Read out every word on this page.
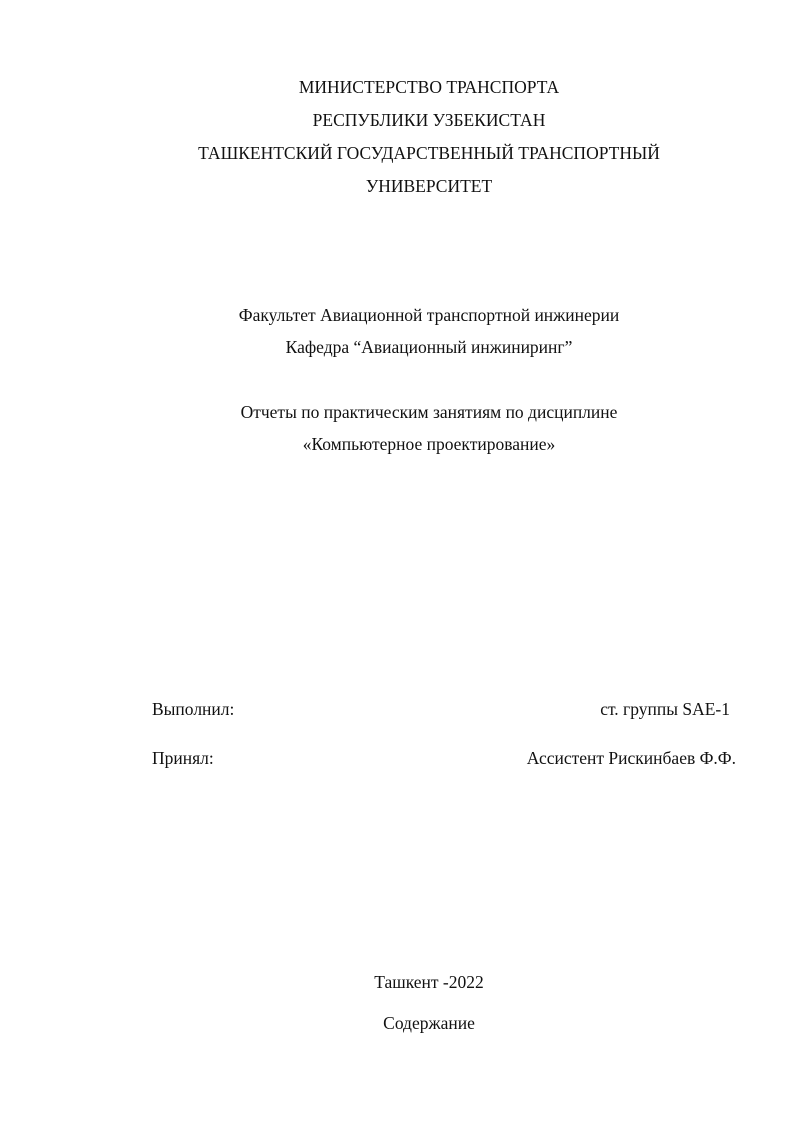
МИНИСТЕРСТВО ТРАНСПОРТА
РЕСПУБЛИКИ УЗБЕКИСТАН
ТАШКЕНТСКИЙ ГОСУДАРСТВЕННЫЙ ТРАНСПОРТНЫЙ
УНИВЕРСИТЕТ
Факультет Авиационной транспортной инжинерии
Кафедра “Авиационный инжиниринг”
Отчеты по практическим занятиям по дисциплине
«Компьютерное проектирование»
Выполнил:	ст. группы SAE-1
Принял:	Ассистент Рискинбаев Ф.Ф.
Ташкент -2022
Содержание
